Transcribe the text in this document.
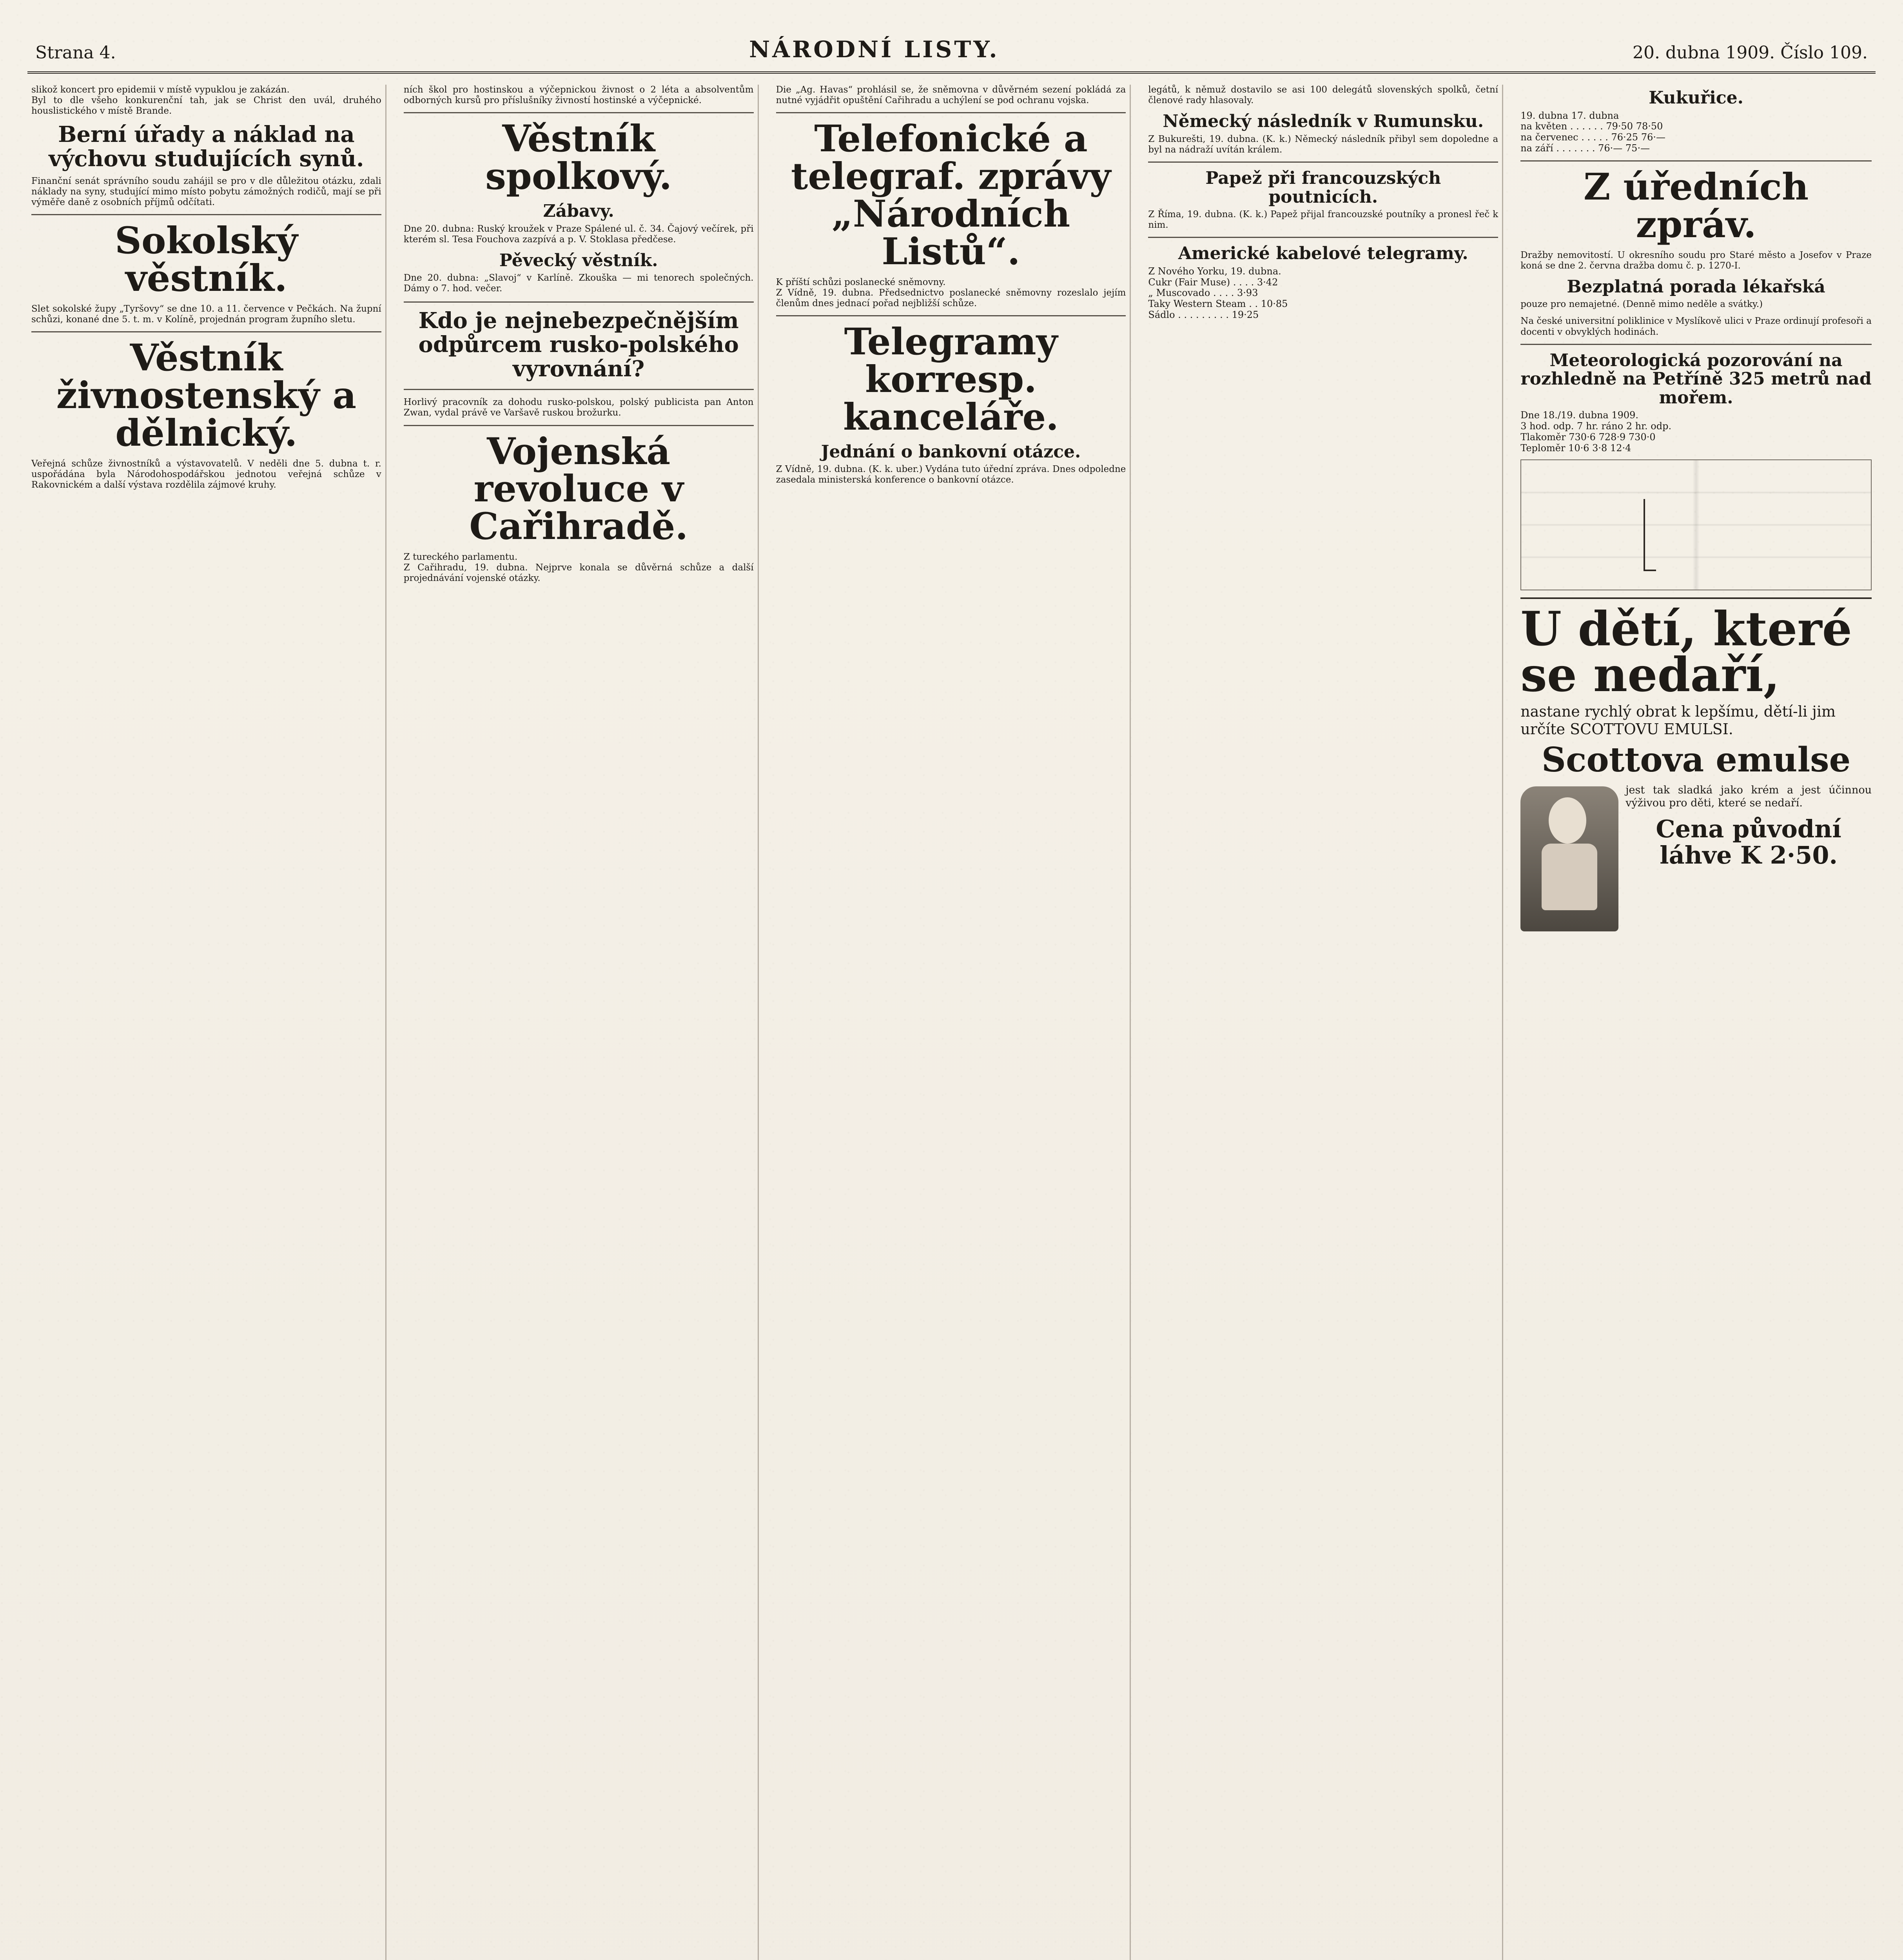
Strana 4.	NÁRODNÍ LISTY.	20. dubna 1909. Číslo 109.

slikož koncert pro epidemii v místě vypuklou je zakázán.
Byl to dle všeho konkurenční tah, jak se Christ den uvál, druhého houslistického v místě Brande.

Berní úřady a náklad na výchovu studujících synů.

Finanční senát správního soudu zahájil se pro v dle důležitou otázku, zdali náklady na syny, studující mimo místo pobytu zámožných rodičů, mají se při výměře daně z osobních příjmů odčítati.

Sokolský věstník.

Slet sokolské župy „Tyršovy“ se dne 10. a 11. července v Pečkách. Na župní schůzi, konané dne 5. t. m. v Kolíně, projednán program župního sletu.

Věstník živnostenský a dělnický.

Veřejná schůze živnostníků a výstavovatelů. V neděli dne 5. dubna t. r. uspořádána byla Národohospodářskou jednotou veřejná schůze v Rakovnickém a další výstava rozdělila zájmové kruhy.

ních škol pro hostinskou a výčepnickou živnost o 2 léta a absolventům odborných kursů pro příslušníky živností hostinské a výčepnické.

Věstník spolkový.
Zábavy.

Dne 20. dubna: Ruský kroužek v Praze Spálené ul. č. 34. Čajový večírek, při kterém sl. Tesa Fouchova zazpívá a p. V. Stoklasa předčese.

Pěvecký věstník.

Dne 20. dubna: „Slavoj“ v Karlíně. Zkouška — mi tenorech společných. Dámy o 7. hod. večer.

Kdo je nejnebezpečnějším odpůrcem rusko-polského vyrovnání?

Horlivý pracovník za dohodu rusko-polskou, polský publicista pan Anton Zwan, vydal právě ve Varšavě ruskou brožurku.

Vojenská revoluce v Cařihradě.

Z tureckého parlamentu.
Z Cařihradu, 19. dubna. Nejprve konala se důvěrná schůze a další projednávání vojenské otázky.

Die „Ag. Havas“ prohlásil se, že sněmovna v důvěrném sezení pokládá za nutné vyjádřit opuštění Cařihradu a uchýlení se pod ochranu vojska.

Telefonické a telegraf. zprávy „Národních Listů“.

K příští schůzi poslanecké sněmovny.
Z Vídně, 19. dubna. Předsednictvo poslanecké sněmovny rozeslalo jejím členům dnes jednací pořad nejbližší schůze.

Telegramy korresp. kanceláře.
Jednání o bankovní otázce.

Z Vídně, 19. dubna. (K. k. uber.) Vydána tuto úřední zpráva. Dnes odpoledne zasedala ministerská konference o bankovní otázce.

legátů, k němuž dostavilo se asi 100 delegátů slovenských spolků, četní členové rady hlasovaly.

Německý následník v Rumunsku.

Z Bukurešti, 19. dubna. (K. k.) Německý následník přibyl sem dopoledne a byl na nádraží uvítán králem.

Papež při francouzských poutnicích.

Z Říma, 19. dubna. (K. k.) Papež přijal francouzské poutníky a pronesl řeč k nim.

Americké kabelové telegramy.
Z Nového Yorku, 19. dubna.
Cukr (Fair Muse) . . . . 3·42
„ Muscovado . . . . 3·93
Taky Western Steam . . 10·85
Sádlo . . . . . . . . . 19·25
Kukuřice.
19. dubna 17. dubna
na květen . . . . . . 79·50 78·50
na červenec . . . . . 76·25 76·—
na září . . . . . . . 76·— 75·—
Z úředních zpráv.

Dražby nemovitostí. U okresního soudu pro Staré město a Josefov v Praze koná se dne 2. června dražba domu č. p. 1270-I.

Bezplatná porada lékařská
pouze pro nemajetné. (Denně mimo neděle a svátky.)

Na české universitní poliklinice v Myslíkově ulici v Praze ordinují profesoři a docenti v obvyklých hodinách.

Meteorologická pozorování na rozhledně na Petříně 325 metrů nad mořem.
Dne 18./19. dubna 1909.
3 hod. odp. 7 hr. ráno 2 hr. odp.
Tlakoměr 730·6 728·9 730·0
Teploměr 10·6 3·8 12·4
U dětí, které se nedaří,
nastane rychlý obrat k lepšímu, dětí-li jim určíte SCOTTOVU EMULSI.
Scottova emulse
jest tak sladká jako krém a jest účinnou výživou pro děti, které se nedaří.
Cena původní láhve K 2·50.
